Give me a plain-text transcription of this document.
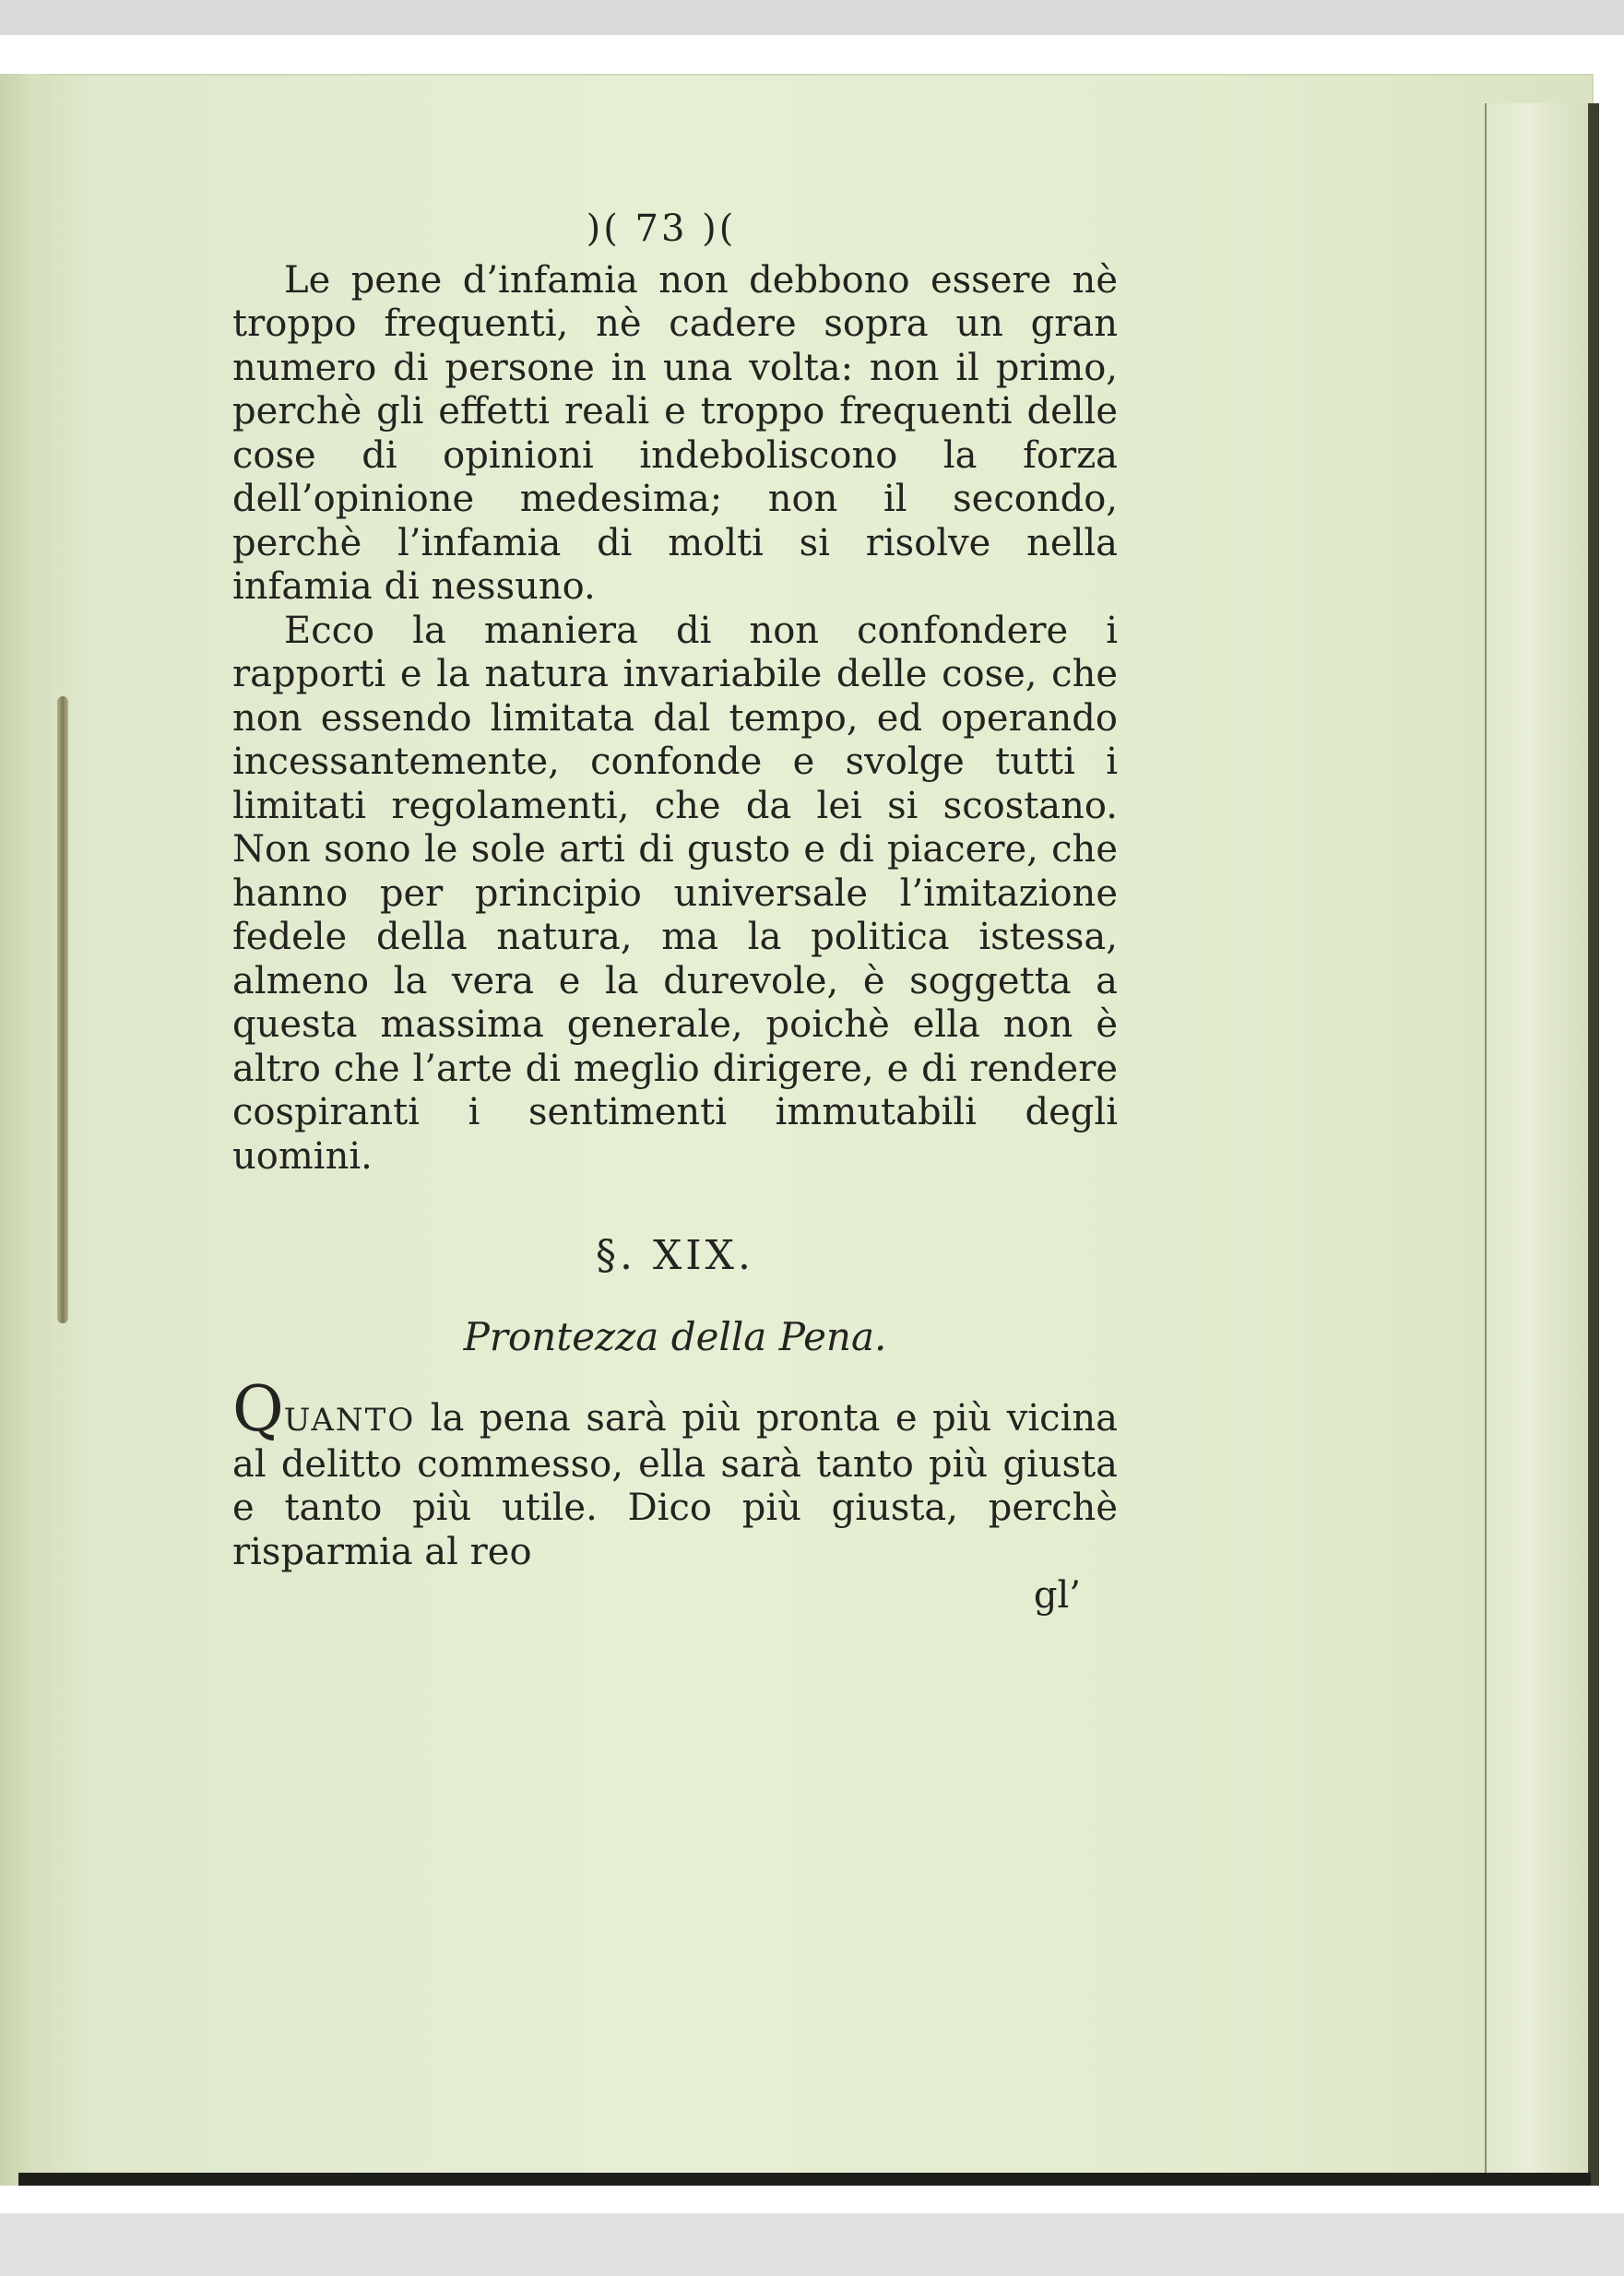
)( 73 )(

Le pene d’infamia non debbono essere nè troppo frequenti, nè cadere sopra un gran numero di persone in una volta: non il primo, perchè gli effetti reali e troppo frequenti delle cose di opinioni indeboliscono la forza dell’opinione medesima; non il secondo, perchè l’infamia di molti si risolve nella infamia di nessuno.

Ecco la maniera di non confondere i rapporti e la natura invariabile delle cose, che non essendo limitata dal tempo, ed operando incessantemente, confonde e svolge tutti i limitati regolamenti, che da lei si scostano. Non sono le sole arti di gusto e di piacere, che hanno per principio universale l’imitazione fedele della natura, ma la politica istessa, almeno la vera e la durevole, è soggetta a questa massima generale, poichè ella non è altro che l’arte di meglio dirigere, e di rendere cospiranti i sentimenti immutabili degli uomini.

§. XIX.
Prontezza della Pena.

QUANTO la pena sarà più pronta e più vicina al delitto commesso, ella sarà tanto più giusta e tanto più utile. Dico più giusta, perchè risparmia al reo

gl’
